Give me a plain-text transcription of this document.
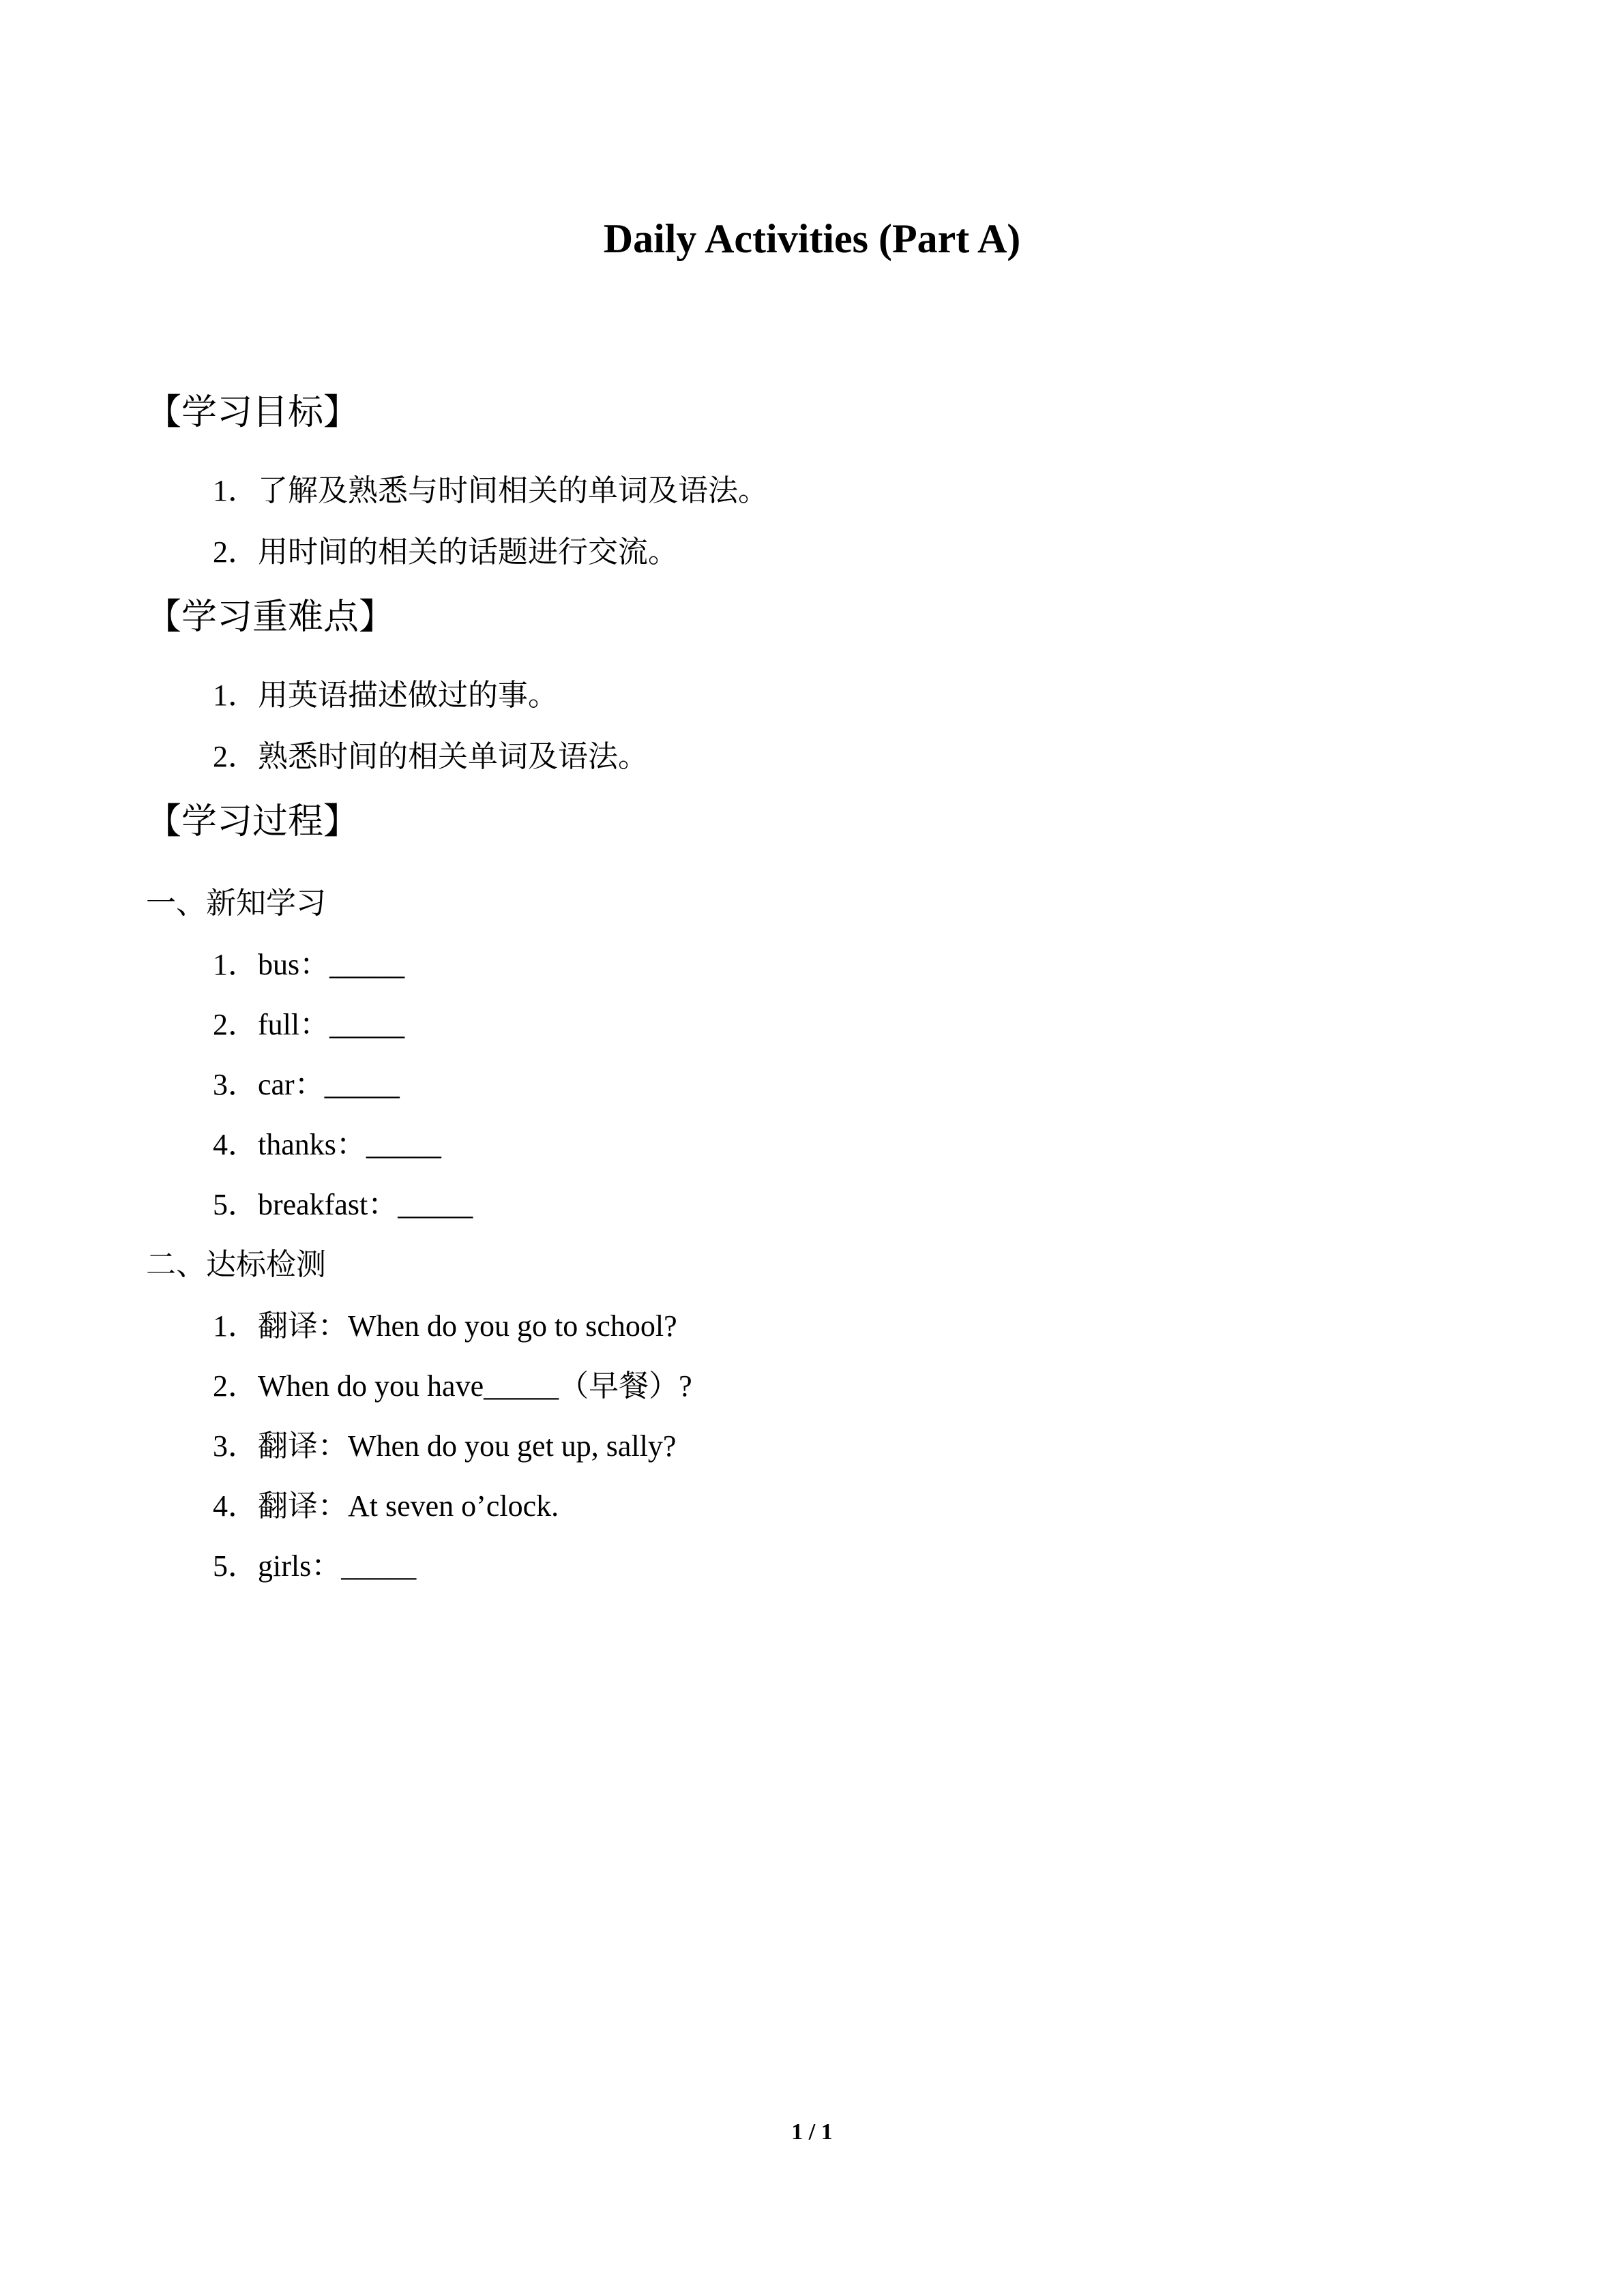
Daily Activities (Part A)
【学习目标】
1．了解及熟悉与时间相关的单词及语法。
2．用时间的相关的话题进行交流。
【学习重难点】
1．用英语描述做过的事。
2．熟悉时间的相关单词及语法。
【学习过程】
一、新知学习
1．bus：_____
2．full：_____
3．car：_____
4．thanks：_____
5．breakfast：_____
二、达标检测
1．翻译：When do you go to school?
2．When do you have_____（早餐）?
3．翻译：When do you get up, sally?
4．翻译：At seven o’clock.
5．girls：_____
1 / 1
